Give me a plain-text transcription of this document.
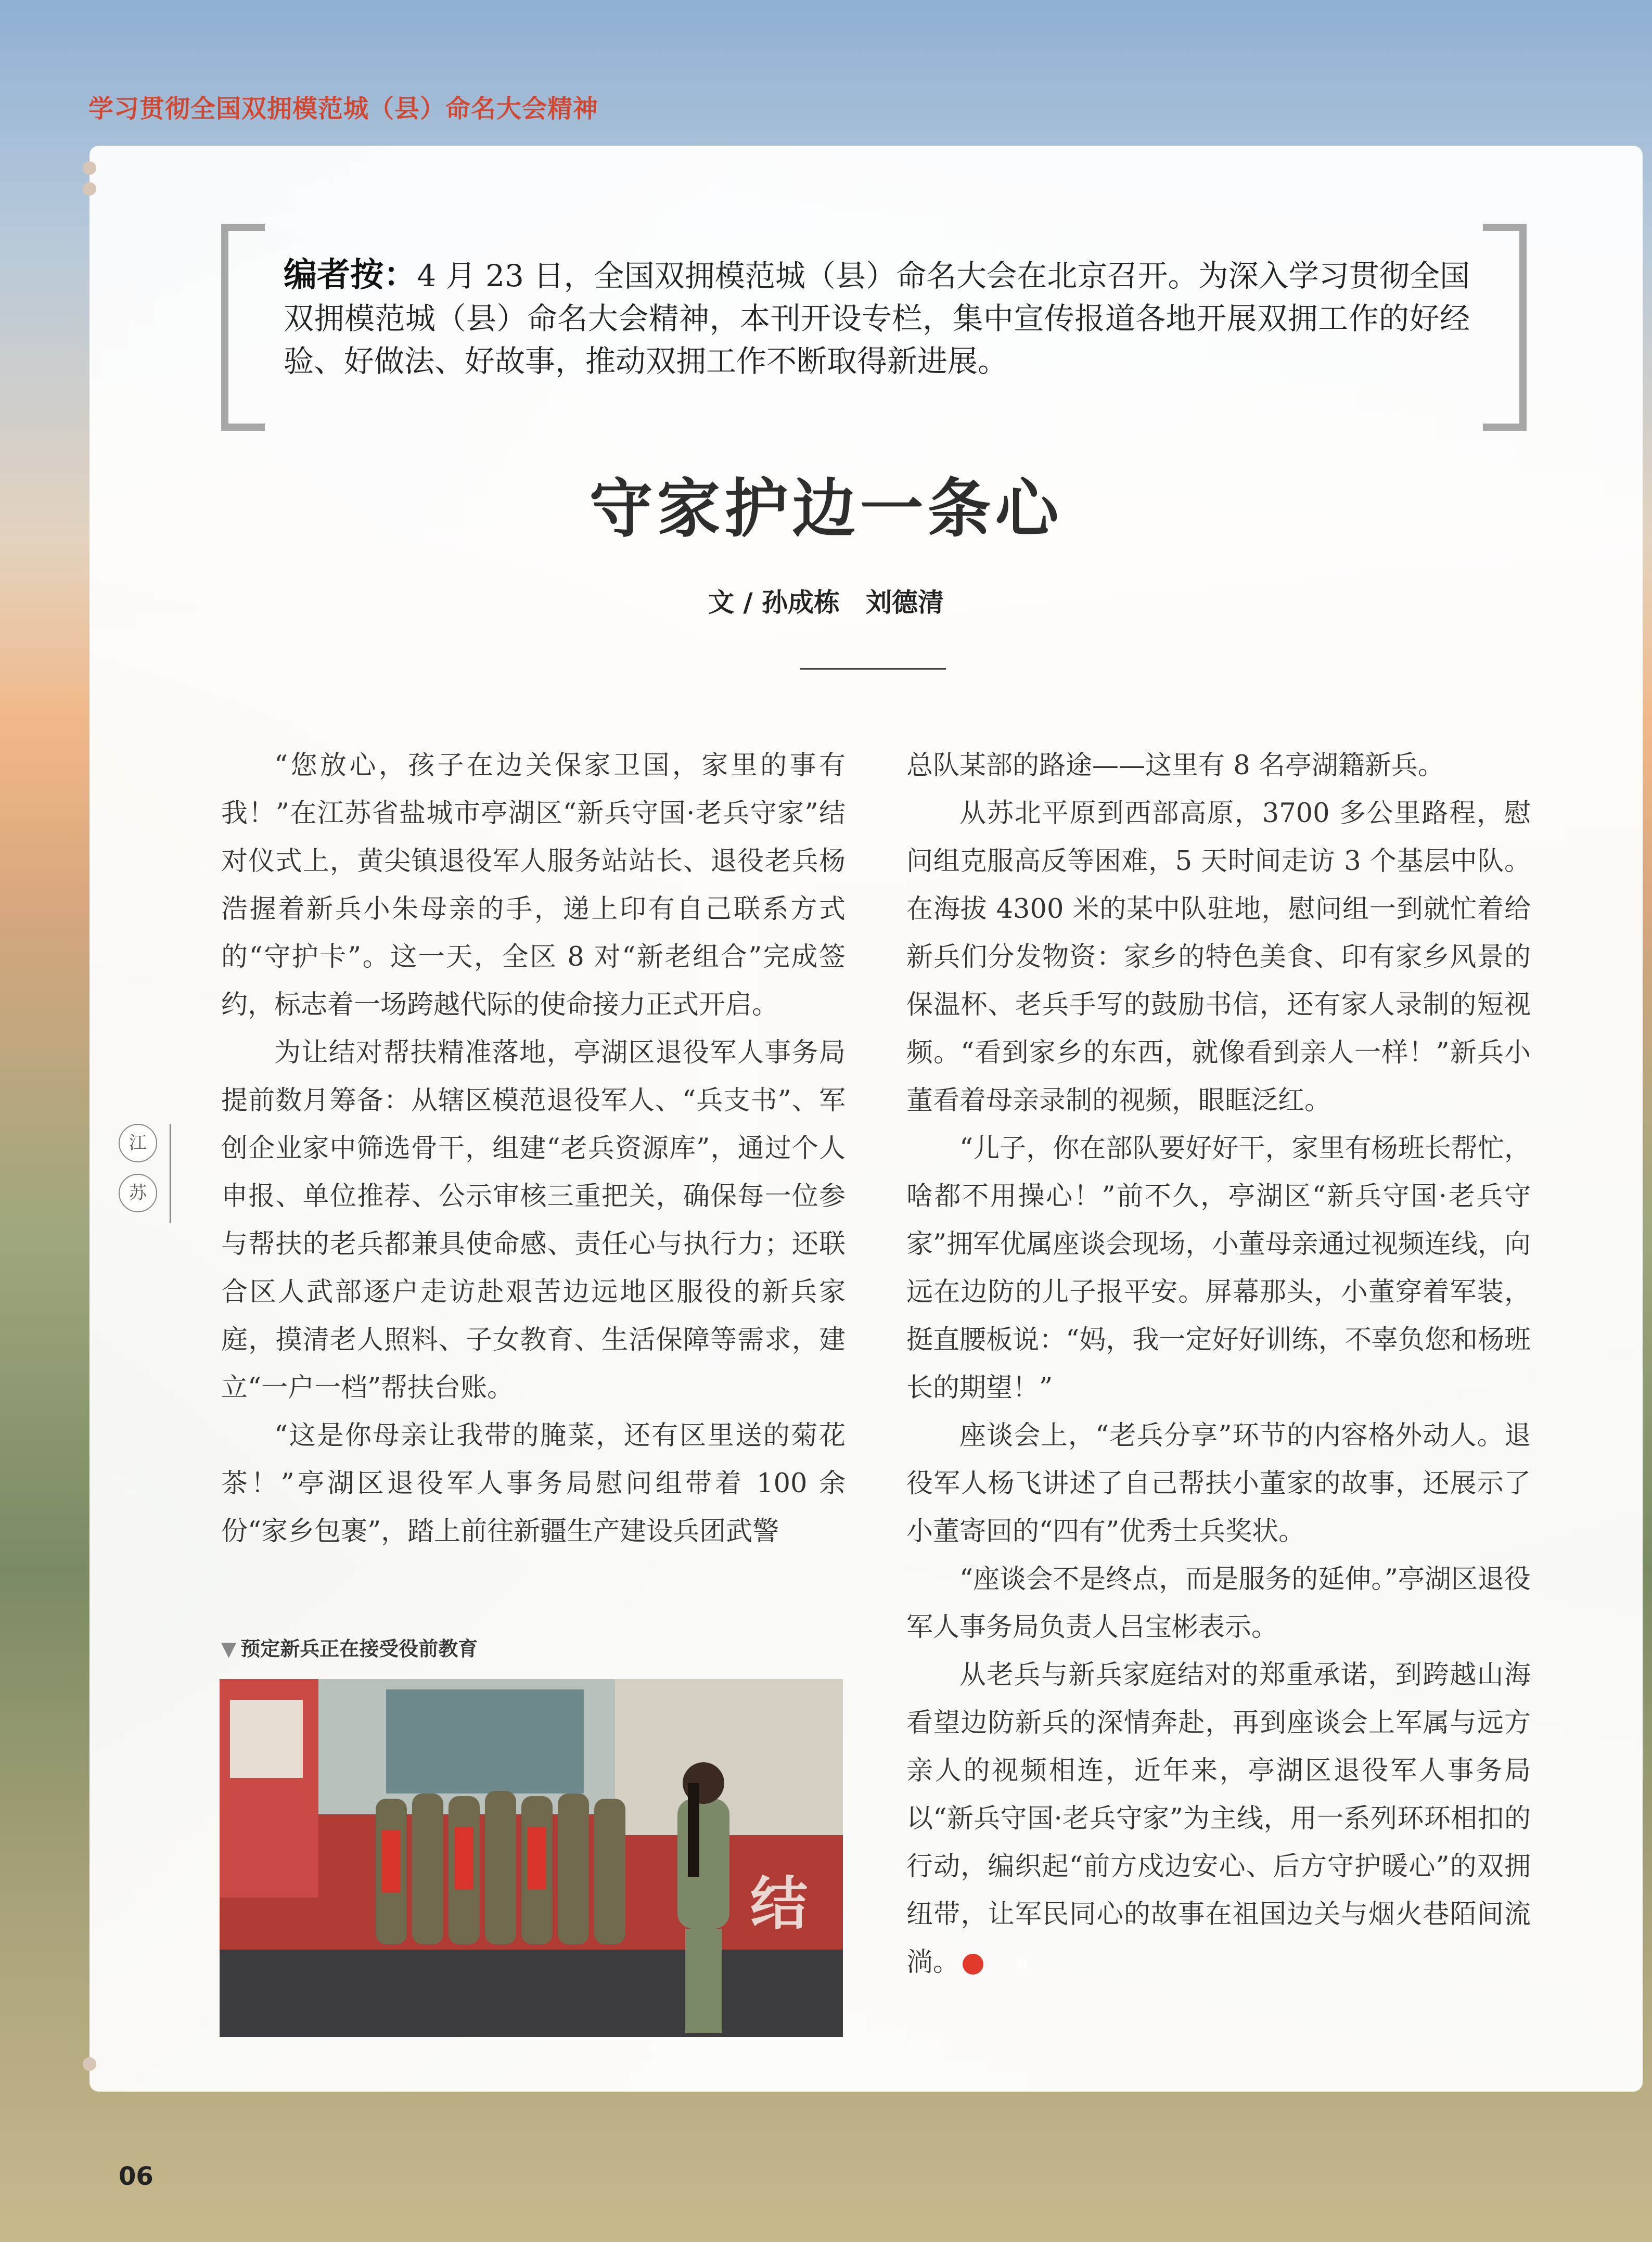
学习贯彻全国双拥模范城（县）命名大会精神
编者按：4 月 23 日，全国双拥模范城（县）命名大会在北京召开。为深入学习贯彻全国双拥模范城（县）命名大会精神，本刊开设专栏，集中宣传报道各地开展双拥工作的好经验、好做法、好故事，推动双拥工作不断取得新进展。
守家护边一条心
文 / 孙成栋　刘德清
江
苏

“您放心，孩子在边关保家卫国，家里的事有我！”在江苏省盐城市亭湖区“新兵守国·老兵守家”结对仪式上，黄尖镇退役军人服务站站长、退役老兵杨浩握着新兵小朱母亲的手，递上印有自己联系方式的“守护卡”。这一天，全区 8 对“新老组合”完成签约，标志着一场跨越代际的使命接力正式开启。

为让结对帮扶精准落地，亭湖区退役军人事务局提前数月筹备：从辖区模范退役军人、“兵支书”、军创企业家中筛选骨干，组建“老兵资源库”，通过个人申报、单位推荐、公示审核三重把关，确保每一位参与帮扶的老兵都兼具使命感、责任心与执行力；还联合区人武部逐户走访赴艰苦边远地区服役的新兵家庭，摸清老人照料、子女教育、生活保障等需求，建立“一户一档”帮扶台账。

“这是你母亲让我带的腌菜，还有区里送的菊花茶！”亭湖区退役军人事务局慰问组带着 100 余份“家乡包裹”，踏上前往新疆生产建设兵团武警

▼ 预定新兵正在接受役前教育
结

总队某部的路途——这里有 8 名亭湖籍新兵。

从苏北平原到西部高原，3700 多公里路程，慰问组克服高反等困难，5 天时间走访 3 个基层中队。在海拔 4300 米的某中队驻地，慰问组一到就忙着给新兵们分发物资：家乡的特色美食、印有家乡风景的保温杯、老兵手写的鼓励书信，还有家人录制的短视频。“看到家乡的东西，就像看到亲人一样！”新兵小董看着母亲录制的视频，眼眶泛红。

“儿子，你在部队要好好干，家里有杨班长帮忙，啥都不用操心！”前不久，亭湖区“新兵守国·老兵守家”拥军优属座谈会现场，小董母亲通过视频连线，向远在边防的儿子报平安。屏幕那头，小董穿着军装，挺直腰板说：“妈，我一定好好训练，不辜负您和杨班长的期望！”

座谈会上，“老兵分享”环节的内容格外动人。退役军人杨飞讲述了自己帮扶小董家的故事，还展示了小董寄回的“四有”优秀士兵奖状。

“座谈会不是终点，而是服务的延伸。”亭湖区退役军人事务局负责人吕宝彬表示。

从老兵与新兵家庭结对的郑重承诺，到跨越山海看望边防新兵的深情奔赴，再到座谈会上军属与远方亲人的视频相连，近年来，亭湖区退役军人事务局以“新兵守国·老兵守家”为主线，用一系列环环相扣的行动，编织起“前方戍边安心、后方守护暖心”的双拥纽带，让军民同心的故事在祖国边关与烟火巷陌间流淌。	N

06
